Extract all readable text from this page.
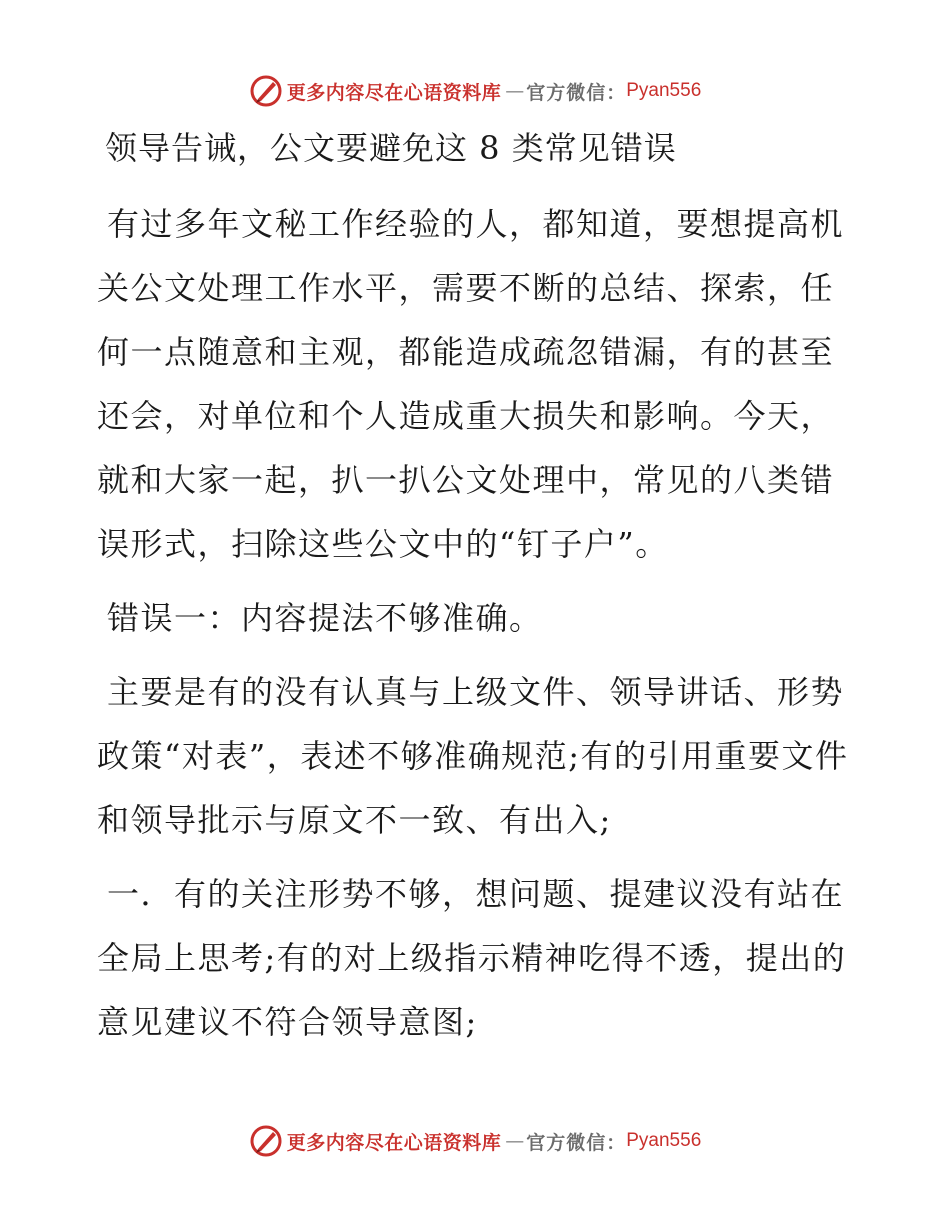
更多内容尽在心语资料库 — 官方微信： Pyan556
领导告诫，公文要避免这 8 类常见错误

有过多年文秘工作经验的人，都知道，要想提高机关公文处理工作水平，需要不断的总结、探索，任何一点随意和主观，都能造成疏忽错漏，有的甚至还会，对单位和个人造成重大损失和影响。今天，就和大家一起，扒一扒公文处理中，常见的八类错误形式，扫除这些公文中的“钉子户”。

错误一：内容提法不够准确。

主要是有的没有认真与上级文件、领导讲话、形势政策“对表”，表述不够准确规范;有的引用重要文件和领导批示与原文不一致、有出入;

一．有的关注形势不够，想问题、提建议没有站在全局上思考;有的对上级指示精神吃得不透，提出的意见建议不符合领导意图;

更多内容尽在心语资料库 — 官方微信： Pyan556
